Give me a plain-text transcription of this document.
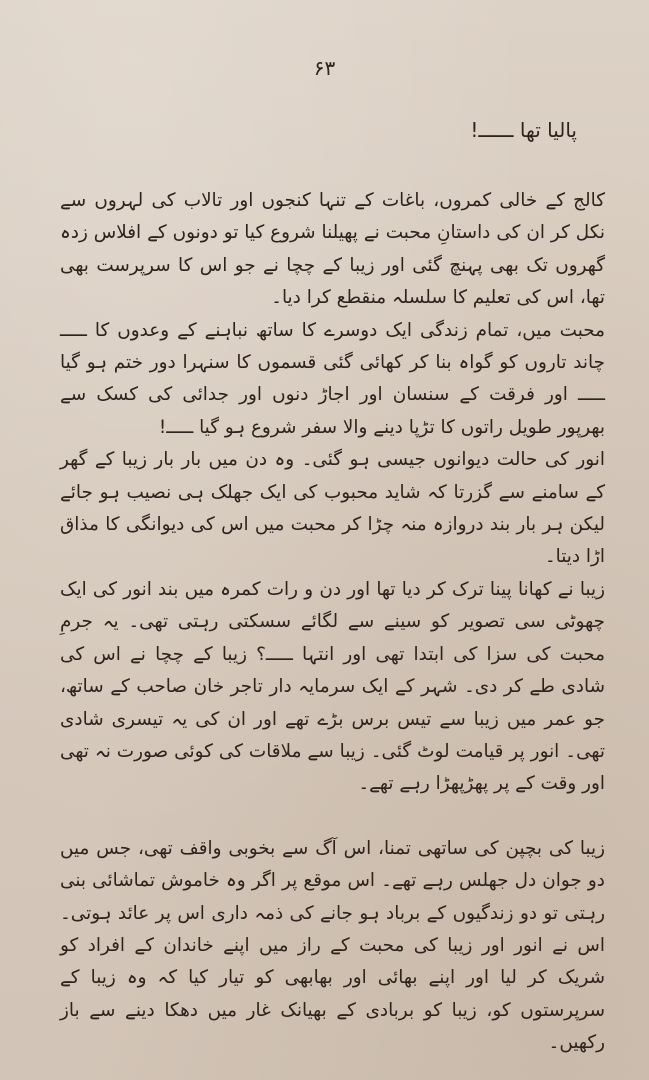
۶۳
پالیا تھا ــــــ!

کالج کے خالی کمروں، باغات کے تنہا کنجوں اور تالاب کی لہروں سے نکل کر ان کی داستانِ محبت نے پھیلنا شروع کیا تو دونوں کے افلاس زدہ گھروں تک بھی پہنچ گئی اور زیبا کے چچا نے جو اس کا سرپرست بھی تھا، اس کی تعلیم کا سلسلہ منقطع کرا دیا۔

محبت میں، تمام زندگی ایک دوسرے کا ساتھ نباہنے کے وعدوں کا ـــــ چاند تاروں کو گواہ بنا کر کھائی گئی قسموں کا سنہرا دور ختم ہو گیا ـــــ اور فرقت کے سنسان اور اجاڑ دنوں اور جدائی کی کسک سے بھرپور طویل راتوں کا تڑپا دینے والا سفر شروع ہو گیا ـــــ!

انور کی حالت دیوانوں جیسی ہو گئی۔ وہ دن میں بار بار زیبا کے گھر کے سامنے سے گزرتا کہ شاید محبوب کی ایک جھلک ہی نصیب ہو جائے لیکن ہر بار بند دروازہ منہ چڑا کر محبت میں اس کی دیوانگی کا مذاق اڑا دیتا۔

زیبا نے کھانا پینا ترک کر دیا تھا اور دن و رات کمرہ میں بند انور کی ایک چھوٹی سی تصویر کو سینے سے لگائے سسکتی رہتی تھی۔ یہ جرمِ محبت کی سزا کی ابتدا تھی اور انتہا ـــــ؟ زیبا کے چچا نے اس کی شادی طے کر دی۔ شہر کے ایک سرمایہ دار تاجر خان صاحب کے ساتھ، جو عمر میں زیبا سے تیس برس بڑے تھے اور ان کی یہ تیسری شادی تھی۔ انور پر قیامت لوٹ گئی۔ زیبا سے ملاقات کی کوئی صورت نہ تھی اور وقت کے پر پھڑپھڑا رہے تھے۔

زیبا کی بچپن کی ساتھی تمنا، اس آگ سے بخوبی واقف تھی، جس میں دو جوان دل جھلس رہے تھے۔ اس موقع پر اگر وہ خاموش تماشائی بنی رہتی تو دو زندگیوں کے برباد ہو جانے کی ذمہ داری اس پر عائد ہوتی۔ اس نے انور اور زیبا کی محبت کے راز میں اپنے خاندان کے افراد کو شریک کر لیا اور اپنے بھائی اور بھابھی کو تیار کیا کہ وہ زیبا کے سرپرستوں کو، زیبا کو بربادی کے بھیانک غار میں دھکا دینے سے باز رکھیں۔
